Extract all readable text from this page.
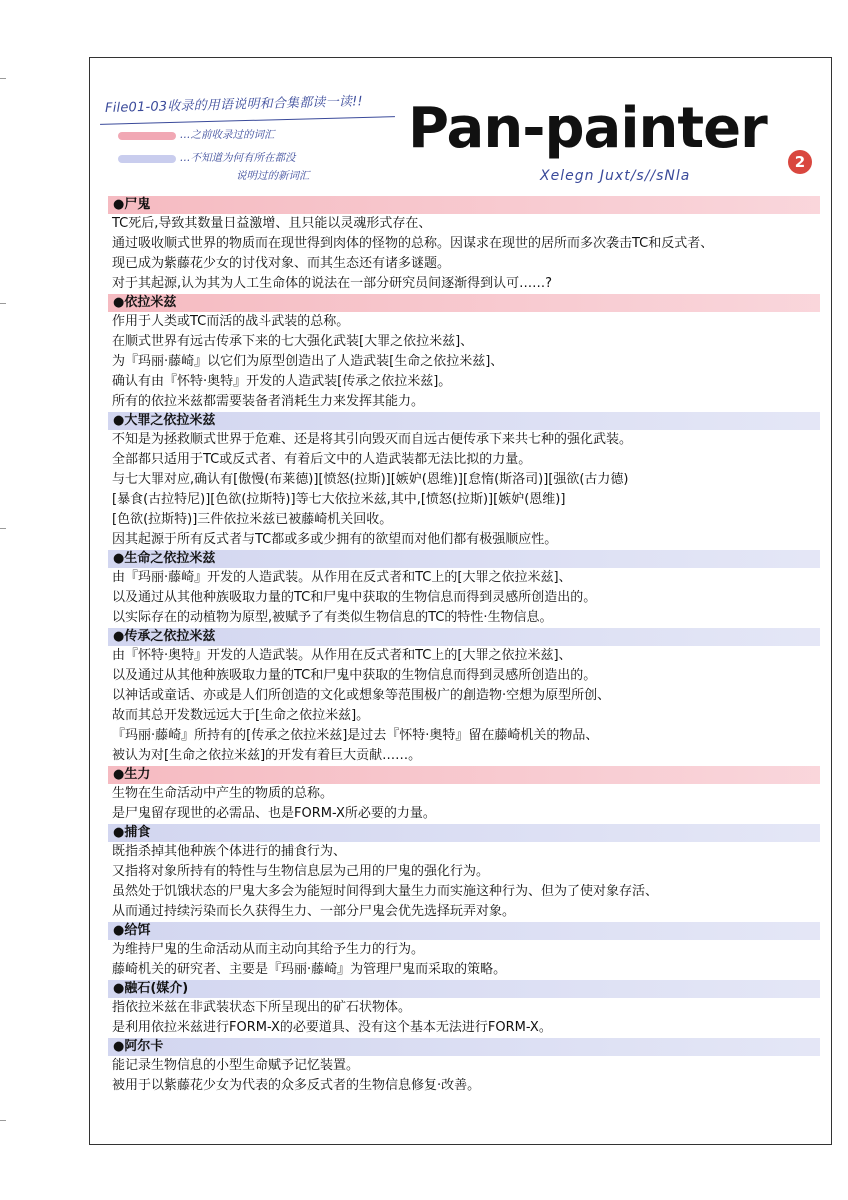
File01-03收录的用语说明和合集都读一读!!
…之前收录过的词汇
…不知道为何有所在都没
说明过的新词汇
Pan-painter
Xelegn Juxt/s//sNla
2
●尸鬼
TC死后,导致其数量日益激增、且只能以灵魂形式存在、
通过吸收顺式世界的物质而在现世得到肉体的怪物的总称。因谋求在现世的居所而多次袭击TC和反式者、
现已成为紫藤花少女的讨伐对象、而其生态还有诸多谜题。
对于其起源,认为其为人工生命体的说法在一部分研究员间逐渐得到认可……?
●依拉米兹
作用于人类或TC而活的战斗武装的总称。
在顺式世界有远古传承下来的七大强化武装[大罪之依拉米兹]、
为『玛丽·藤崎』以它们为原型创造出了人造武装[生命之依拉米兹]、
确认有由『怀特·奥特』开发的人造武装[传承之依拉米兹]。
所有的依拉米兹都需要装备者消耗生力来发挥其能力。
●大罪之依拉米兹
不知是为拯救顺式世界于危难、还是将其引向毁灭而自远古便传承下来共七种的强化武装。
全部都只适用于TC或反式者、有着后文中的人造武装都无法比拟的力量。
与七大罪对应,确认有[傲慢(布莱德)][愤怒(拉斯)][嫉妒(恩维)][怠惰(斯洛司)][强欲(古力德)
[暴食(古拉特尼)][色欲(拉斯特)]等七大依拉米兹,其中,[愤怒(拉斯)][嫉妒(恩维)]
[色欲(拉斯特)]三件依拉米兹已被藤崎机关回收。
因其起源于所有反式者与TC都或多或少拥有的欲望而对他们都有极强顺应性。
●生命之依拉米兹
由『玛丽·藤崎』开发的人造武装。从作用在反式者和TC上的[大罪之依拉米兹]、
以及通过从其他种族吸取力量的TC和尸鬼中获取的生物信息而得到灵感所创造出的。
以实际存在的动植物为原型,被赋予了有类似生物信息的TC的特性·生物信息。
●传承之依拉米兹
由『怀特·奥特』开发的人造武装。从作用在反式者和TC上的[大罪之依拉米兹]、
以及通过从其他种族吸取力量的TC和尸鬼中获取的生物信息而得到灵感所创造出的。
以神话或童话、亦或是人们所创造的文化或想象等范围极广的創造物·空想为原型所创、
故而其总开发数远远大于[生命之依拉米兹]。
『玛丽·藤崎』所持有的[传承之依拉米兹]是过去『怀特·奥特』留在藤崎机关的物品、
被认为对[生命之依拉米兹]的开发有着巨大贡献……。
●生力
生物在生命活动中产生的物质的总称。
是尸鬼留存现世的必需品、也是FORM-X所必要的力量。
●捕食
既指杀掉其他种族个体进行的捕食行为、
又指将对象所持有的特性与生物信息层为己用的尸鬼的强化行为。
虽然处于饥饿状态的尸鬼大多会为能短时间得到大量生力而实施这种行为、但为了使对象存活、
从而通过持续污染而长久获得生力、一部分尸鬼会优先选择玩弄对象。
●给饵
为维持尸鬼的生命活动从而主动向其给予生力的行为。
藤崎机关的研究者、主要是『玛丽·藤崎』为管理尸鬼而采取的策略。
●融石(媒介)
指依拉米兹在非武装状态下所呈现出的矿石状物体。
是利用依拉米兹进行FORM-X的必要道具、没有这个基本无法进行FORM-X。
●阿尔卡
能记录生物信息的小型生命赋予记忆装置。
被用于以紫藤花少女为代表的众多反式者的生物信息修复·改善。
